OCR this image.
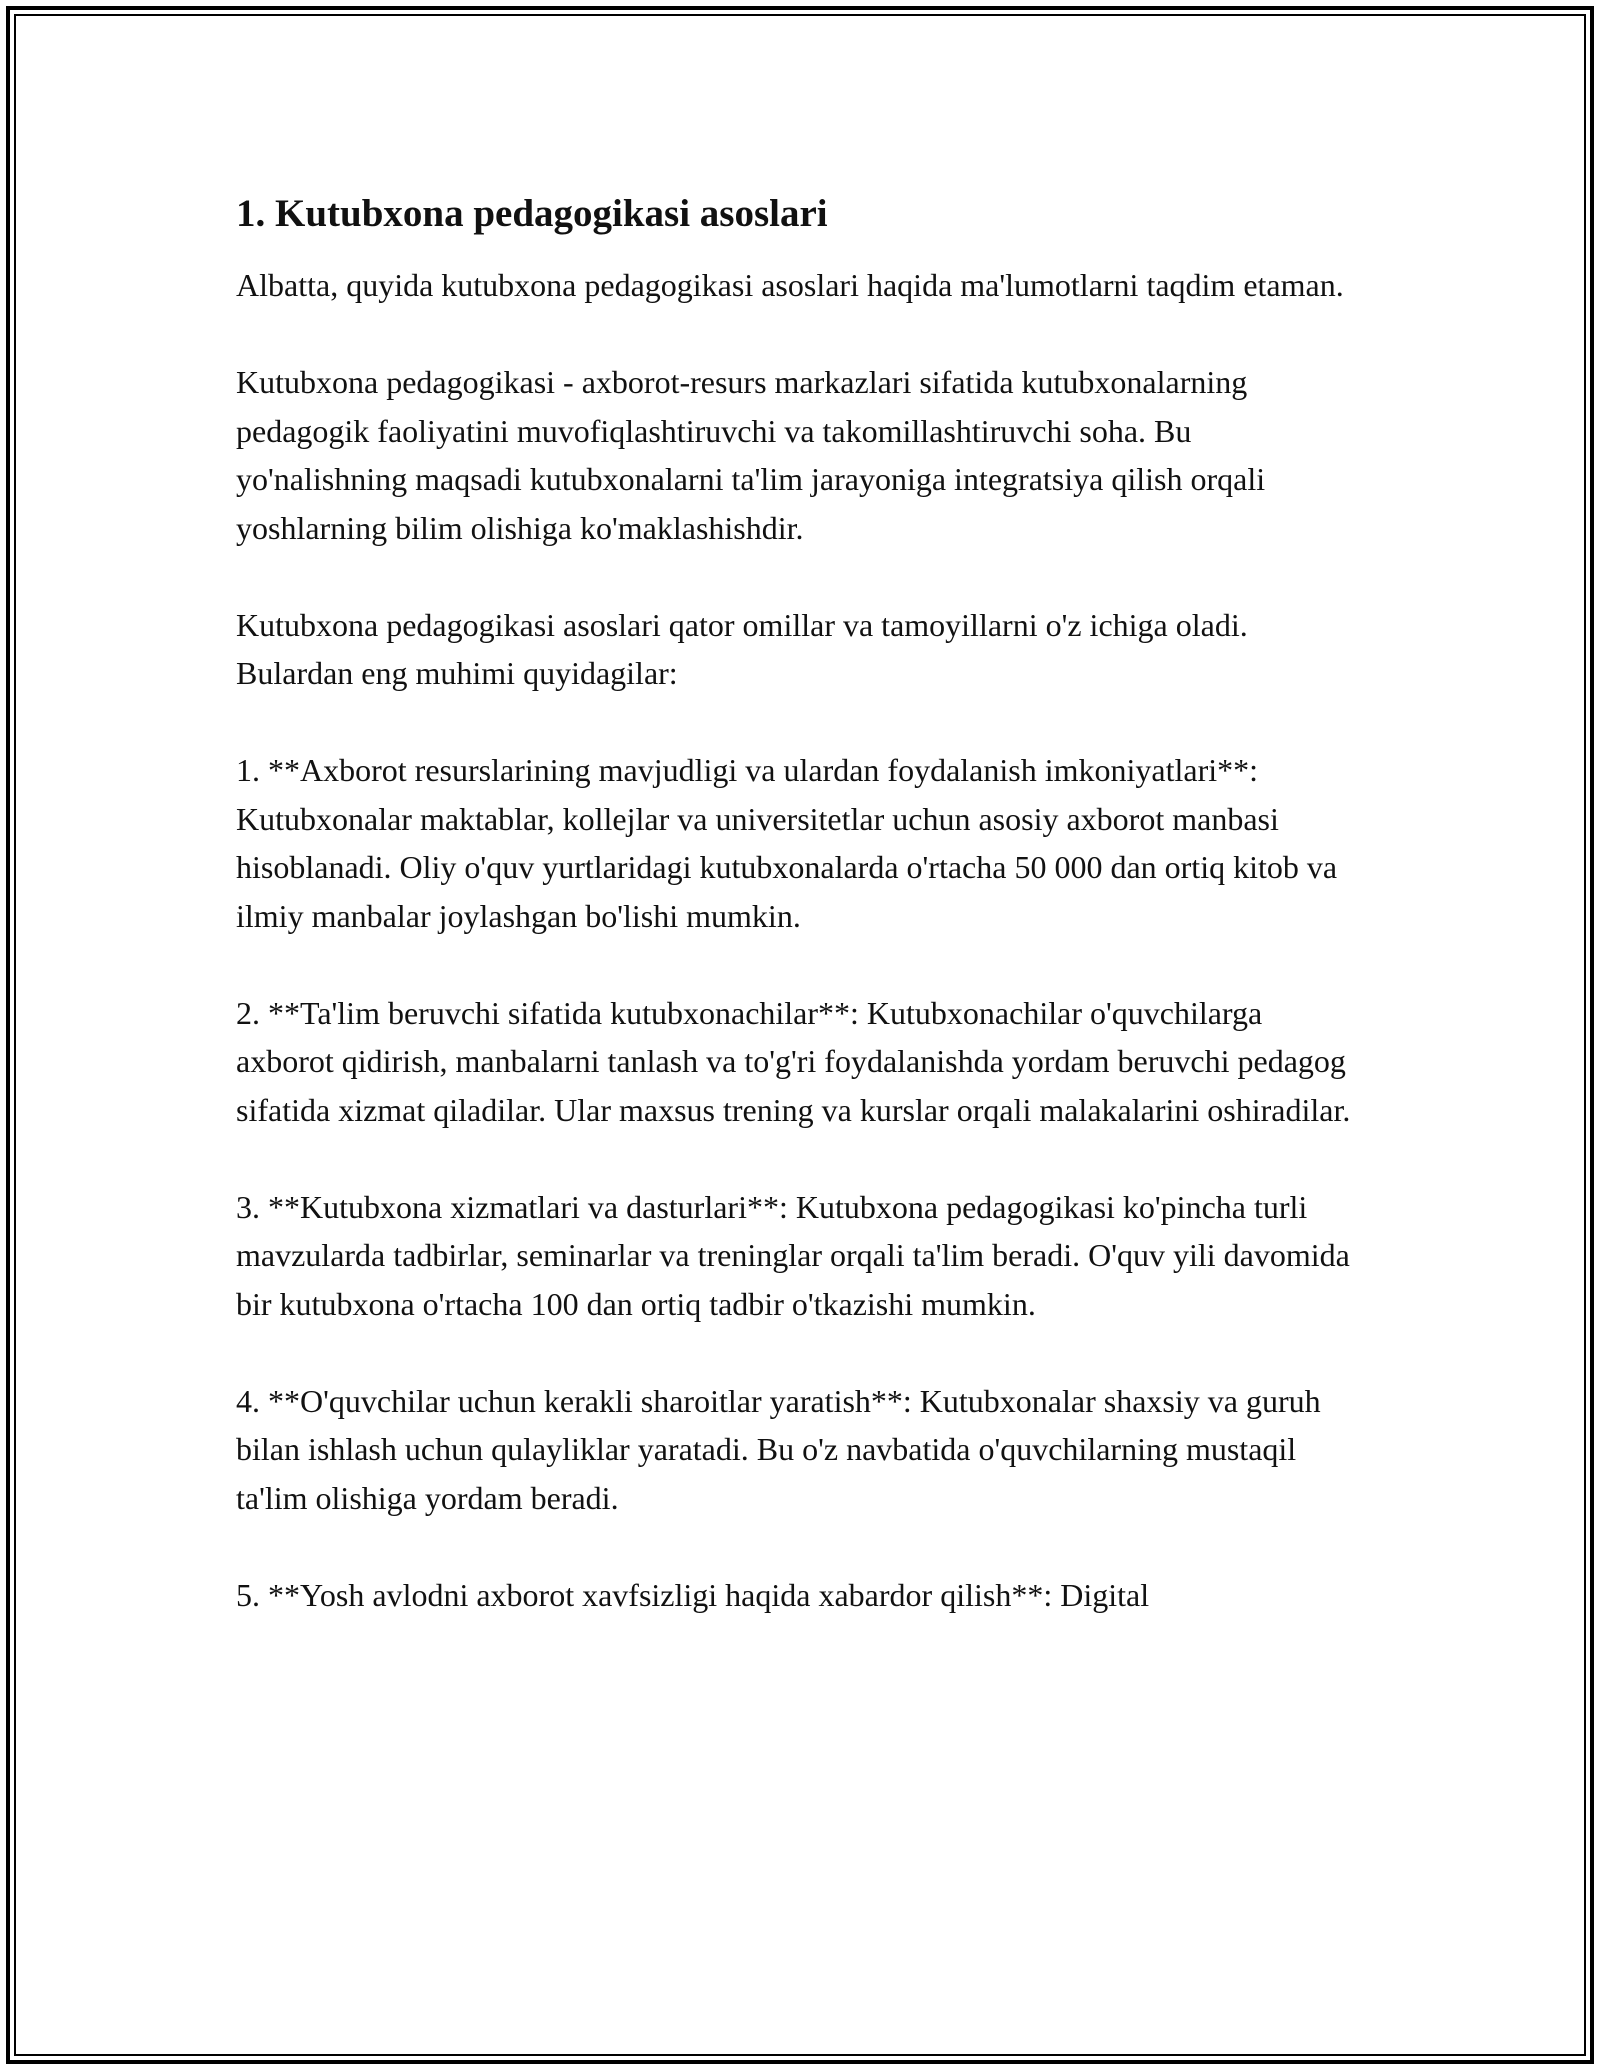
1. Kutubxona pedagogikasi asoslari

Albatta, quyida kutubxona pedagogikasi asoslari haqida ma'lumotlarni taqdim etaman.

Kutubxona pedagogikasi - axborot-resurs markazlari sifatida kutubxonalarning pedagogik faoliyatini muvofiqlashtiruvchi va takomillashtiruvchi soha. Bu yo'nalishning maqsadi kutubxonalarni ta'lim jarayoniga integratsiya qilish orqali yoshlarning bilim olishiga ko'maklashishdir.

Kutubxona pedagogikasi asoslari qator omillar va tamoyillarni o'z ichiga oladi. Bulardan eng muhimi quyidagilar:

1. **Axborot resurslarining mavjudligi va ulardan foydalanish imkoniyatlari**: Kutubxonalar maktablar, kollejlar va universitetlar uchun asosiy axborot manbasi hisoblanadi. Oliy o'quv yurtlaridagi kutubxonalarda o'rtacha 50 000 dan ortiq kitob va ilmiy manbalar joylashgan bo'lishi mumkin.

2. **Ta'lim beruvchi sifatida kutubxonachilar**: Kutubxonachilar o'quvchilarga axborot qidirish, manbalarni tanlash va to'g'ri foydalanishda yordam beruvchi pedagog sifatida xizmat qiladilar. Ular maxsus trening va kurslar orqali malakalarini oshiradilar.

3. **Kutubxona xizmatlari va dasturlari**: Kutubxona pedagogikasi ko'pincha turli mavzularda tadbirlar, seminarlar va treninglar orqali ta'lim beradi. O'quv yili davomida bir kutubxona o'rtacha 100 dan ortiq tadbir o'tkazishi mumkin.

4. **O'quvchilar uchun kerakli sharoitlar yaratish**: Kutubxonalar shaxsiy va guruh bilan ishlash uchun qulayliklar yaratadi. Bu o'z navbatida o'quvchilarning mustaqil ta'lim olishiga yordam beradi.

5. **Yosh avlodni axborot xavfsizligi haqida xabardor qilish**: Digital
